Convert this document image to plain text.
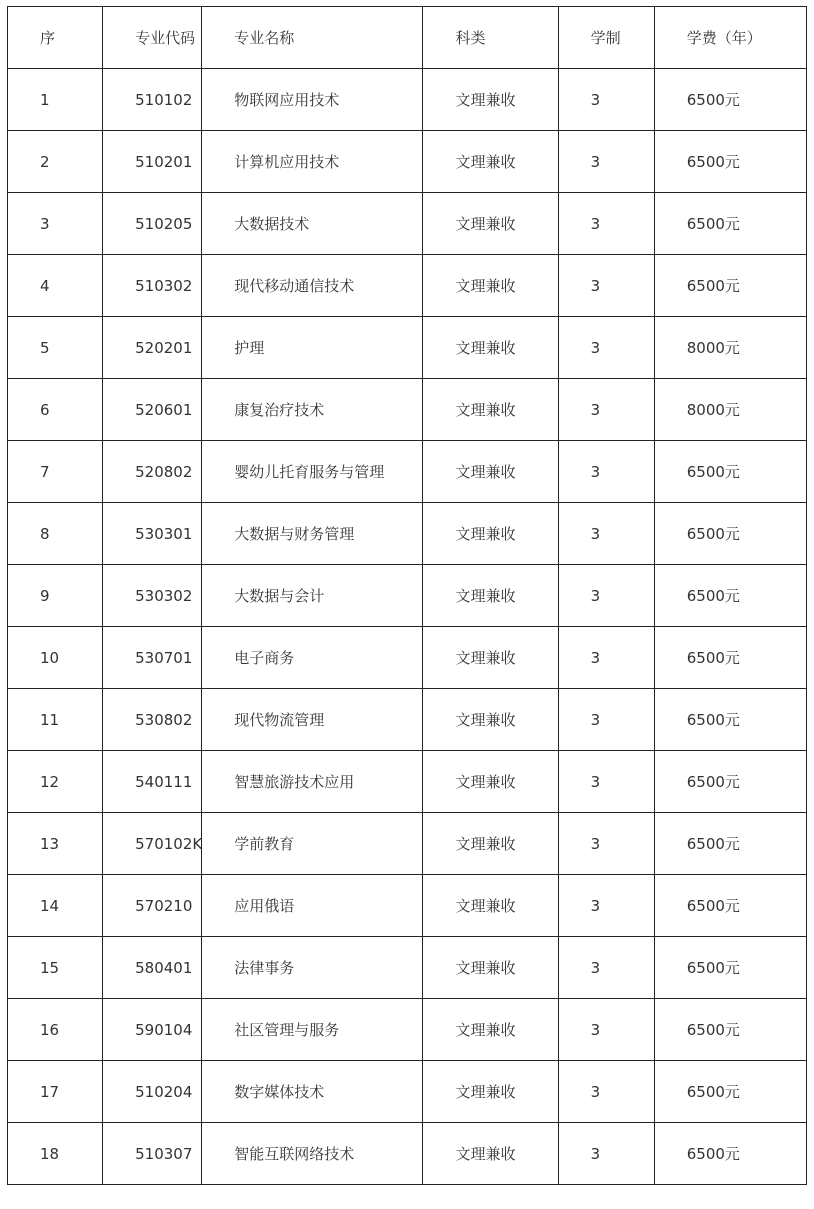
序	专业代码	专业名称	科类	学制	学费（年）
1	510102	物联网应用技术	文理兼收	3	6500元
2	510201	计算机应用技术	文理兼收	3	6500元
3	510205	大数据技术	文理兼收	3	6500元
4	510302	现代移动通信技术	文理兼收	3	6500元
5	520201	护理	文理兼收	3	8000元
6	520601	康复治疗技术	文理兼收	3	8000元
7	520802	婴幼儿托育服务与管理	文理兼收	3	6500元
8	530301	大数据与财务管理	文理兼收	3	6500元
9	530302	大数据与会计	文理兼收	3	6500元
10	530701	电子商务	文理兼收	3	6500元
11	530802	现代物流管理	文理兼收	3	6500元
12	540111	智慧旅游技术应用	文理兼收	3	6500元
13	570102K	学前教育	文理兼收	3	6500元
14	570210	应用俄语	文理兼收	3	6500元
15	580401	法律事务	文理兼收	3	6500元
16	590104	社区管理与服务	文理兼收	3	6500元
17	510204	数字媒体技术	文理兼收	3	6500元
18	510307	智能互联网络技术	文理兼收	3	6500元
